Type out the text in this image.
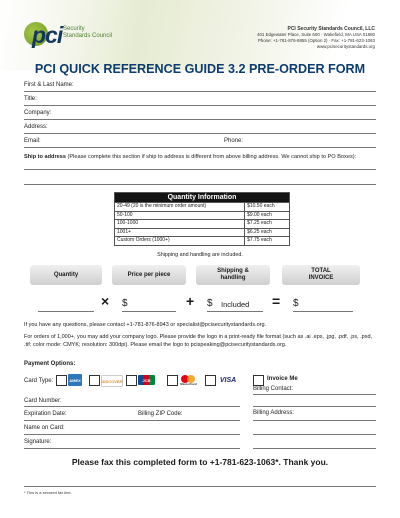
pci Security
Standards Council
PCI Security Standards Council, LLC
401 Edgewater Place, Suite 600 · Wakefield, MA USA 01880
Phone: +1-781-876-8855 (Option 2) · Fax: +1-781-623-1063
www.pcisecuritystandards.org
PCI QUICK REFERENCE GUIDE 3.2 PRE-ORDER FORM
First & Last Name:
Title:
Company:
Address:
Email:	Phone:
Ship to address (Please complete this section if ship to address is different from above billing address. We cannot ship to PO Boxes):
Quantity Information	
20-49 (20 is the minimum order amount)	$10.50 each
50-100	$9.00 each
100-1000	$7.25 each
1001+	$6.25 each
Custom Orders (1000+)	$7.75 each
Shipping and handling are included.
Quantity	Price per piece
Shipping &
handling
TOTAL
INVOICE
× $	+ $ Included = $
If you have any questions, please contact +1-781-876-8943 or specialist@pcisecuritystandards.org.
For orders of 1,000+, you may add your company logo. Please provide the logo in a print-ready file format (such as .ai .eps, .jpg, .pdf, .ps, .psd, .tif; color mode: CMYK; resolution: 300dpi). Please email the logo to pcispeaking@pcisecuritystandards.org.
Payment Options:
Card Type:	AMEX	DISCOVER	JCB
MasterCard
VISA	Invoice Me
Billing Contact:
Card Number:
Expiration Date:	Billing ZIP Code:	Billing Address:
Name on Card:
Signature:
Please fax this completed form to +1-781-623-1063*. Thank you.
* This is a secured fax line.
